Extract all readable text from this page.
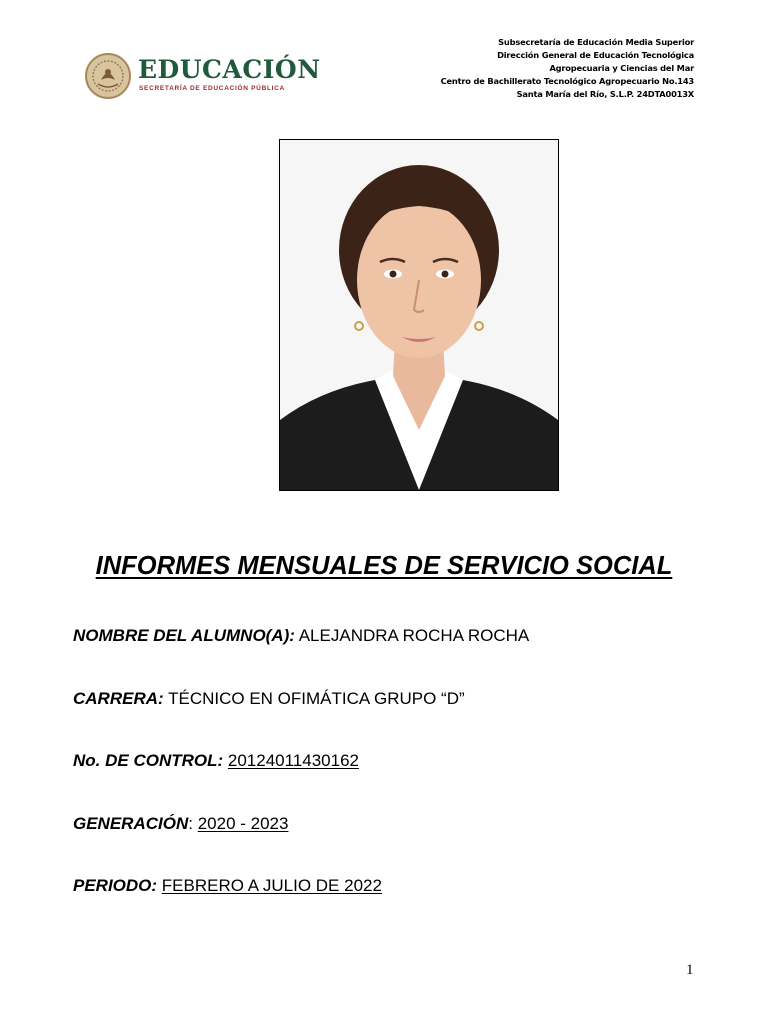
EDUCACIÓN
SECRETARÍA DE EDUCACIÓN PÚBLICA
Subsecretaría de Educación Media Superior
Dirección General de Educación Tecnológica
Agropecuaria y Ciencias del Mar
Centro de Bachillerato Tecnológico Agropecuario No.143
Santa María del Río, S.L.P. 24DTA0013X
INFORMES MENSUALES DE SERVICIO SOCIAL
NOMBRE DEL ALUMNO(A): ALEJANDRA ROCHA ROCHA
CARRERA: TÉCNICO EN OFIMÁTICA GRUPO “D”
No. DE CONTROL: 20124011430162
GENERACIÓN: 2020 - 2023
PERIODO: FEBRERO A JULIO DE 2022
1
